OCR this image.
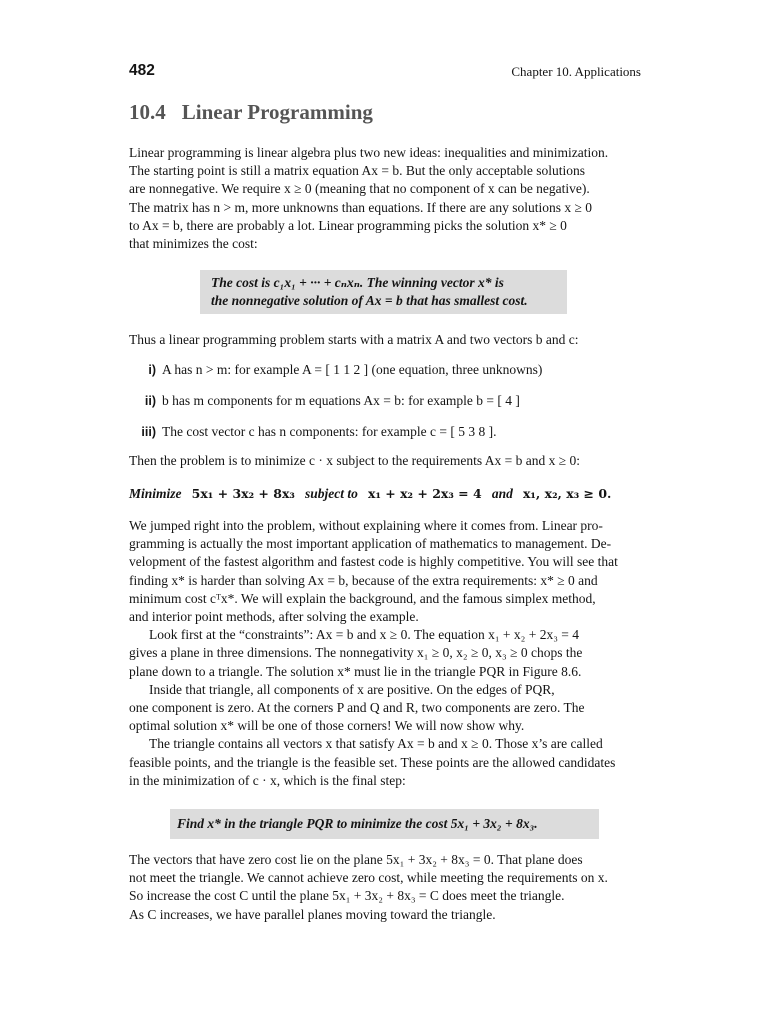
482	Chapter 10. Applications
10.4 Linear Programming

Linear programming is linear algebra plus two new ideas: inequalities and minimization.

The starting point is still a matrix equation Ax = b. But the only acceptable solutions

are nonnegative. We require x ≥ 0 (meaning that no component of x can be negative).

The matrix has n > m, more unknowns than equations. If there are any solutions x ≥ 0

to Ax = b, there are probably a lot. Linear programming picks the solution x* ≥ 0

that minimizes the cost:

The cost is c₁x₁ + ··· + cₙxₙ. The winning vector x* is
the nonnegative solution of Ax = b that has smallest cost.

Thus a linear programming problem starts with a matrix A and two vectors b and c:

i) A has n > m: for example A = [ 1 1 2 ] (one equation, three unknowns)
ii) b has m components for m equations Ax = b: for example b = [ 4 ]
iii) The cost vector c has n components: for example c = [ 5 3 8 ].

Then the problem is to minimize c · x subject to the requirements Ax = b and x ≥ 0:

Minimize 5x₁ + 3x₂ + 8x₃ subject to x₁ + x₂ + 2x₃ = 4 and x₁, x₂, x₃ ≥ 0.

We jumped right into the problem, without explaining where it comes from. Linear pro-

gramming is actually the most important application of mathematics to management. De-

velopment of the fastest algorithm and fastest code is highly competitive. You will see that

finding x* is harder than solving Ax = b, because of the extra requirements: x* ≥ 0 and

minimum cost cᵀx*. We will explain the background, and the famous simplex method,

and interior point methods, after solving the example.

Look first at the “constraints”: Ax = b and x ≥ 0. The equation x₁ + x₂ + 2x₃ = 4

gives a plane in three dimensions. The nonnegativity x₁ ≥ 0, x₂ ≥ 0, x₃ ≥ 0 chops the

plane down to a triangle. The solution x* must lie in the triangle PQR in Figure 8.6.

Inside that triangle, all components of x are positive. On the edges of PQR,

one component is zero. At the corners P and Q and R, two components are zero. The

optimal solution x* will be one of those corners! We will now show why.

The triangle contains all vectors x that satisfy Ax = b and x ≥ 0. Those x’s are called

feasible points, and the triangle is the feasible set. These points are the allowed candidates

in the minimization of c · x, which is the final step:

Find x* in the triangle PQR to minimize the cost 5x₁ + 3x₂ + 8x₃.

The vectors that have zero cost lie on the plane 5x₁ + 3x₂ + 8x₃ = 0. That plane does

not meet the triangle. We cannot achieve zero cost, while meeting the requirements on x.

So increase the cost C until the plane 5x₁ + 3x₂ + 8x₃ = C does meet the triangle.

As C increases, we have parallel planes moving toward the triangle.
